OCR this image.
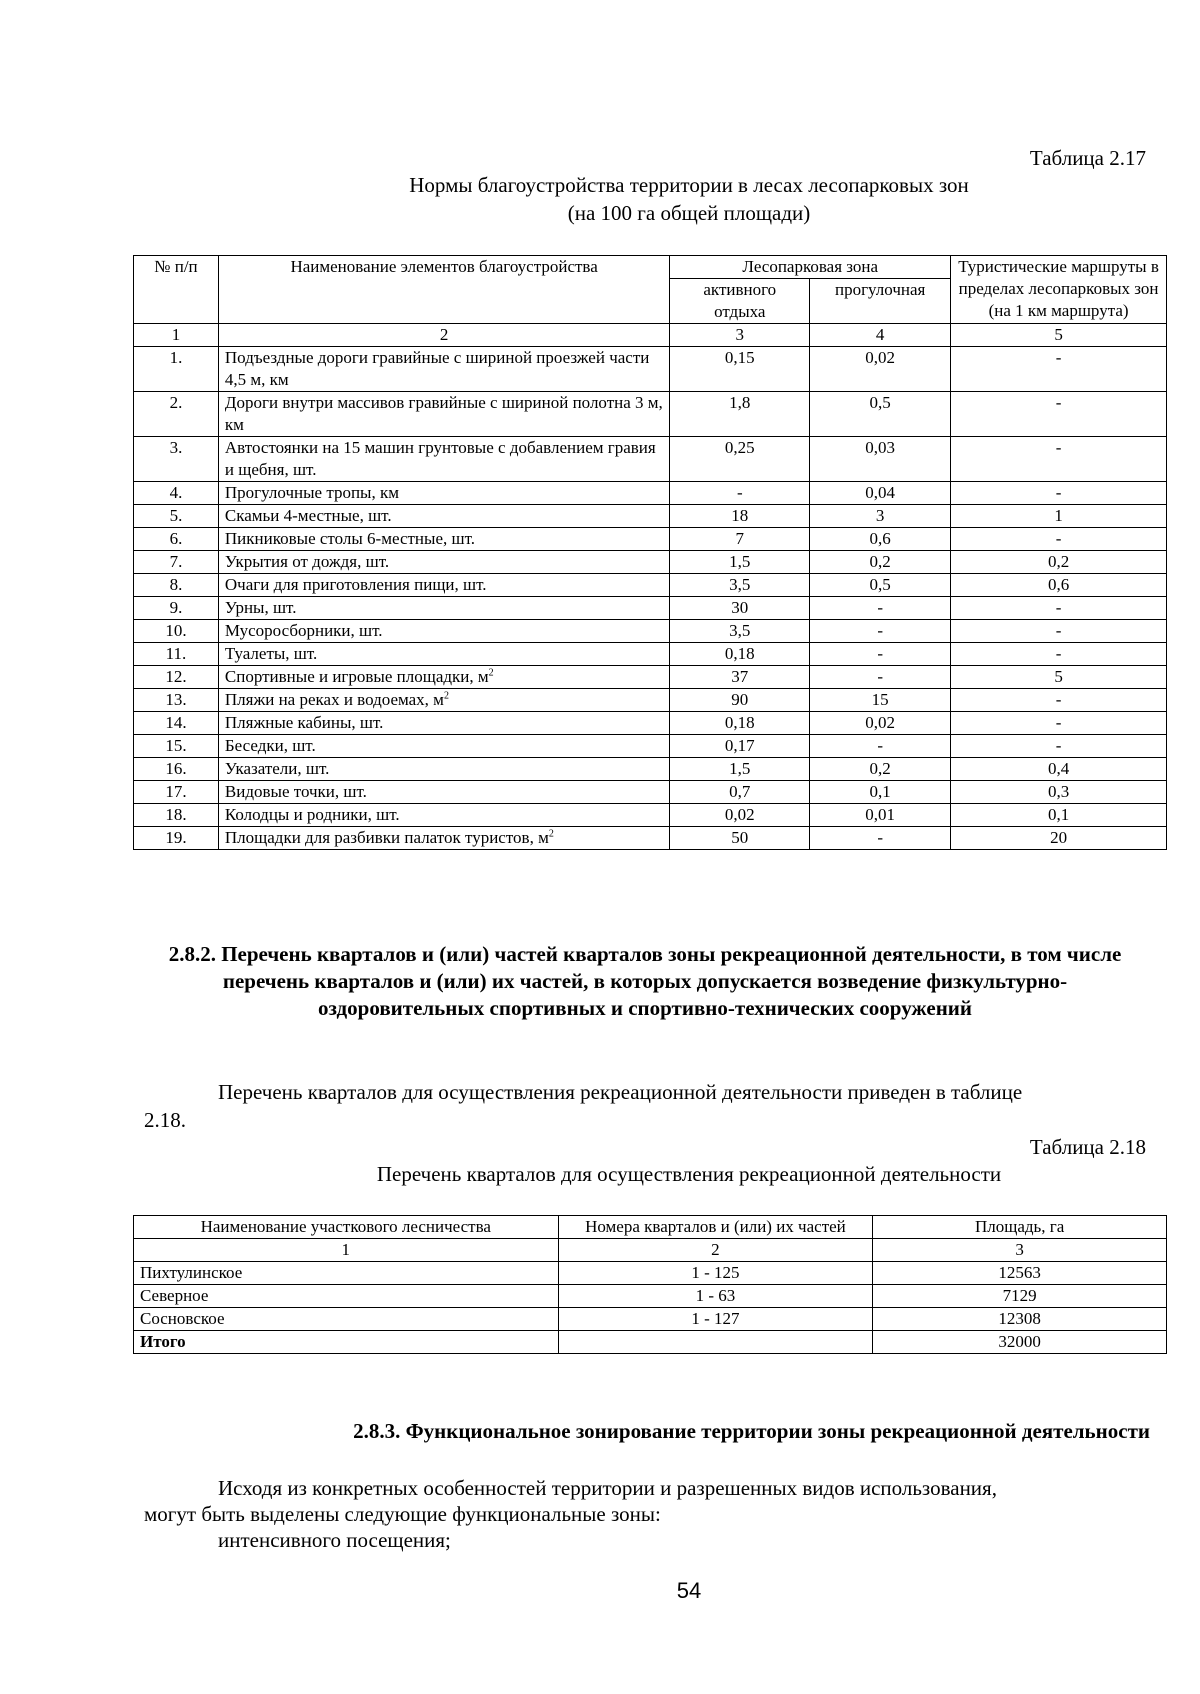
Таблица 2.17
Нормы благоустройства территории в лесах лесопарковых зон
(на 100 га общей площади)
№ п/п	Наименование элементов благоустройства	Лесопарковая зона		Туристические маршруты в пределах лесопарковых зон (на 1 км маршрута)
		активного отдыха	прогулочная	
1	2	3	4	5
1.	Подъездные дороги гравийные с шириной проезжей части 4,5 м, км	0,15	0,02	-
2.	Дороги внутри массивов гравийные с шириной полотна 3 м, км	1,8	0,5	-
3.	Автостоянки на 15 машин грунтовые с добавлением гравия и щебня, шт.	0,25	0,03	-
4.	Прогулочные тропы, км	-	0,04	-
5.	Скамьи 4-местные, шт.	18	3	1
6.	Пикниковые столы 6-местные, шт.	7	0,6	-
7.	Укрытия от дождя, шт.	1,5	0,2	0,2
8.	Очаги для приготовления пищи, шт.	3,5	0,5	0,6
9.	Урны, шт.	30	-	-
10.	Мусоросборники, шт.	3,5	-	-
11.	Туалеты, шт.	0,18	-	-
12.	Спортивные и игровые площадки, $м^2$	37	-	5
13.	Пляжи на реках и водоемах, $м^2$	90	15	-
14.	Пляжные кабины, шт.	0,18	0,02	-
15.	Беседки, шт.	0,17	-	-
16.	Указатели, шт.	1,5	0,2	0,4
17.	Видовые точки, шт.	0,7	0,1	0,3
18.	Колодцы и родники, шт.	0,02	0,01	0,1
19.	Площадки для разбивки палаток туристов, $м^2$	50	-	20
2.8.2. Перечень кварталов и (или) частей кварталов зоны рекреационной деятельности, в том числе перечень кварталов и (или) их частей, в которых допускается возведение физкультурно-оздоровительных спортивных и спортивно-технических сооружений
Перечень кварталов для осуществления рекреационной деятельности приведен в таблице
2.18.
Таблица 2.18
Перечень кварталов для осуществления рекреационной деятельности
Наименование участкового лесничества	Номера кварталов и (или) их частей	Площадь, га
1	2	3
Пихтулинское	1 - 125	12563
Северное	1 - 63	7129
Сосновское	1 - 127	12308
Итого		32000
2.8.3. Функциональное зонирование территории зоны рекреационной деятельности
Исходя из конкретных особенностей территории и разрешенных видов использования,
могут быть выделены следующие функциональные зоны:
интенсивного посещения;
54
